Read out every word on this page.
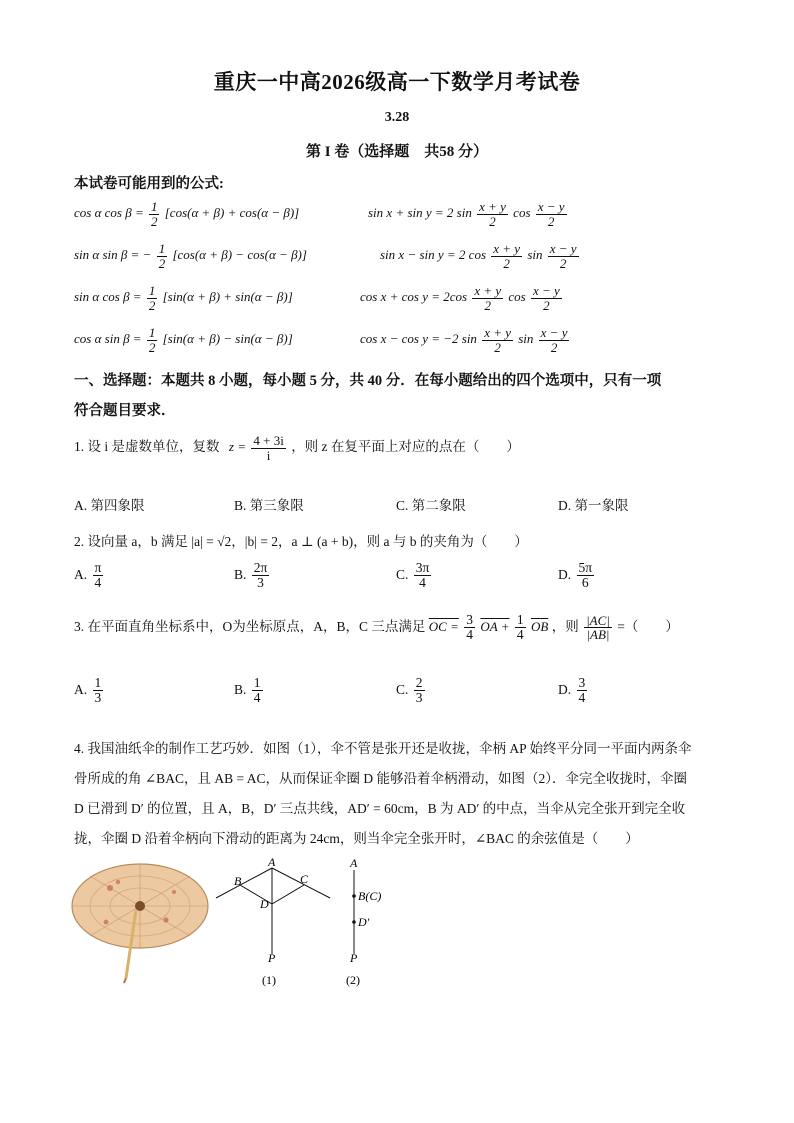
重庆一中高2026级高一下数学月考试卷
3.28
第 I 卷（选择题　共58 分）
本试卷可能用到的公式:
cos α $\cos \beta = \frac{1}{2} [\cos(\alpha + \beta) + \cos(\alpha - \beta)]$	sin x + sin y = 2 $\sin \frac{x + y}{2}$ $\cos \frac{x - y}{2}$
sin α sin β = − $\frac{1}{2} [\cos(\alpha + \beta) - \cos(\alpha - \beta)]$	sin x − sin y = 2 $\cos \frac{x + y}{2}$ $\sin \frac{x - y}{2}$
sin α $\cos \beta = \frac{1}{2} [\sin(\alpha + \beta) + \sin(\alpha - \beta)]$	$\cos x + \cos y = 2\cos \frac{x + y}{2}$ $\cos \frac{x - y}{2}$
cos α $\sin \beta = \frac{1}{2} [\sin(\alpha + \beta) - \sin(\alpha - \beta)]$	cos x − cos y = −2 $\sin \frac{x + y}{2}$ $\sin \frac{x - y}{2}$
一、选择题：本题共 8 小题，每小题 5 分，共 40 分．在每小题给出的四个选项中，只有一项
符合题目要求．
1. 设 i 是虚数单位，复数 $z = \frac{4 + 3i}{i}$ ，则 z 在复平面上对应的点在（　　）
A. 第四象限	B. 第三象限	C. 第二象限	D. 第一象限
2. 设向量 a，b 满足 |a| = √2，|b| = 2，a ⊥ (a + b)，则 a 与 b 的夹角为（　　）
A. $\frac{\pi}{4}$	B. $\frac{2\pi}{3}$	C. $\frac{3\pi}{4}$	D. $\frac{5\pi}{6}$
3. 在平面直角坐标系中，O为坐标原点，A，B，C 三点满足 OC = $\frac{3}{4}$ OA + $\frac{1}{4} \overline{OB}$ ，则 $\frac{|AC|}{|AB|}$ =（　　）
A. $\frac{1}{3}$	B. $\frac{1}{4}$	C. $\frac{2}{3}$	D. $\frac{3}{4}$
4. 我国油纸伞的制作工艺巧妙．如图（1），伞不管是张开还是收拢，伞柄 AP 始终平分同一平面内两条伞
骨所成的角 ∠BAC，且 AB = AC，从而保证伞圈 D 能够沿着伞柄滑动，如图（2）．伞完全收拢时，伞圈
D 已滑到 D′ 的位置，且 A，B，D′ 三点共线，AD′ = 60cm，B 为 AD′ 的中点，当伞从完全张开到完全收
拢，伞圈 D 沿着伞柄向下滑动的距离为 24cm，则当伞完全张开时，∠BAC 的余弦值是（　　）
A
B	C
D
P
(1)
A
B(C)
D′
P
(2)
